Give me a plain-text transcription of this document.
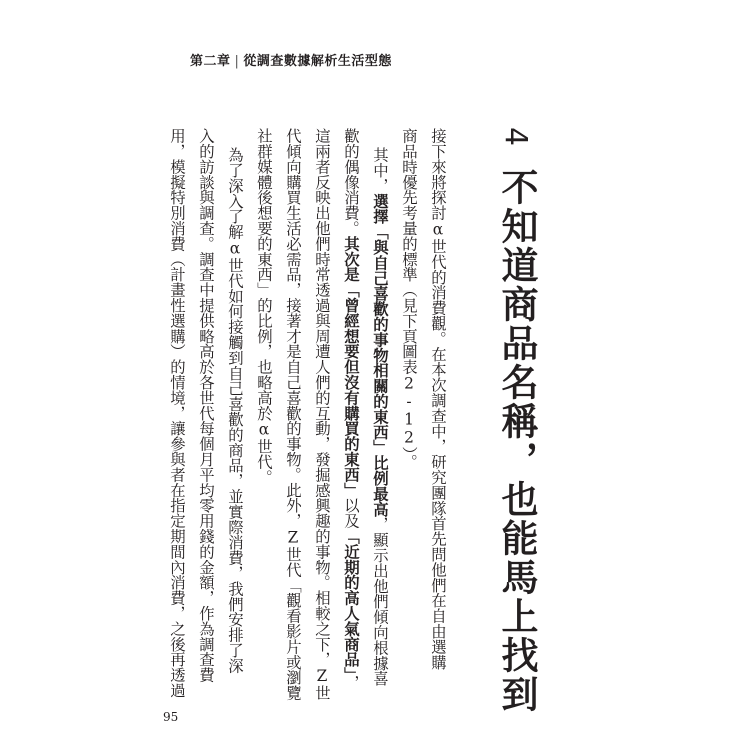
第二章 | 從調查數據解析生活型態
4
不知道商品名稱，也能馬上找到
接下來將探討α世代的消費觀。在本次調查中，研究團隊首先問他們在自由選購
商品時優先考量的標準（見下頁圖表2-12）。
其中，選擇「與自己喜歡的事物相關的東西」比例最高，顯示出他們傾向根據喜
歡的偶像消費。其次是「曾經想要但沒有購買的東西」以及「近期的高人氣商品」，
這兩者反映出他們時常透過與周遭人們的互動，發掘感興趣的事物。相較之下，Z世
代傾向購買生活必需品，接著才是自己喜歡的事物。此外，Z世代「觀看影片或瀏覽
社群媒體後想要的東西」的比例，也略高於α世代。
為了深入了解α世代如何接觸到自己喜歡的商品，並實際消費，我們安排了深
入的訪談與調查。調查中提供略高於各世代每個月平均零用錢的金額，作為調查費
用，模擬特別消費（計畫性選購）的情境，讓參與者在指定期間內消費，之後再透過
95
